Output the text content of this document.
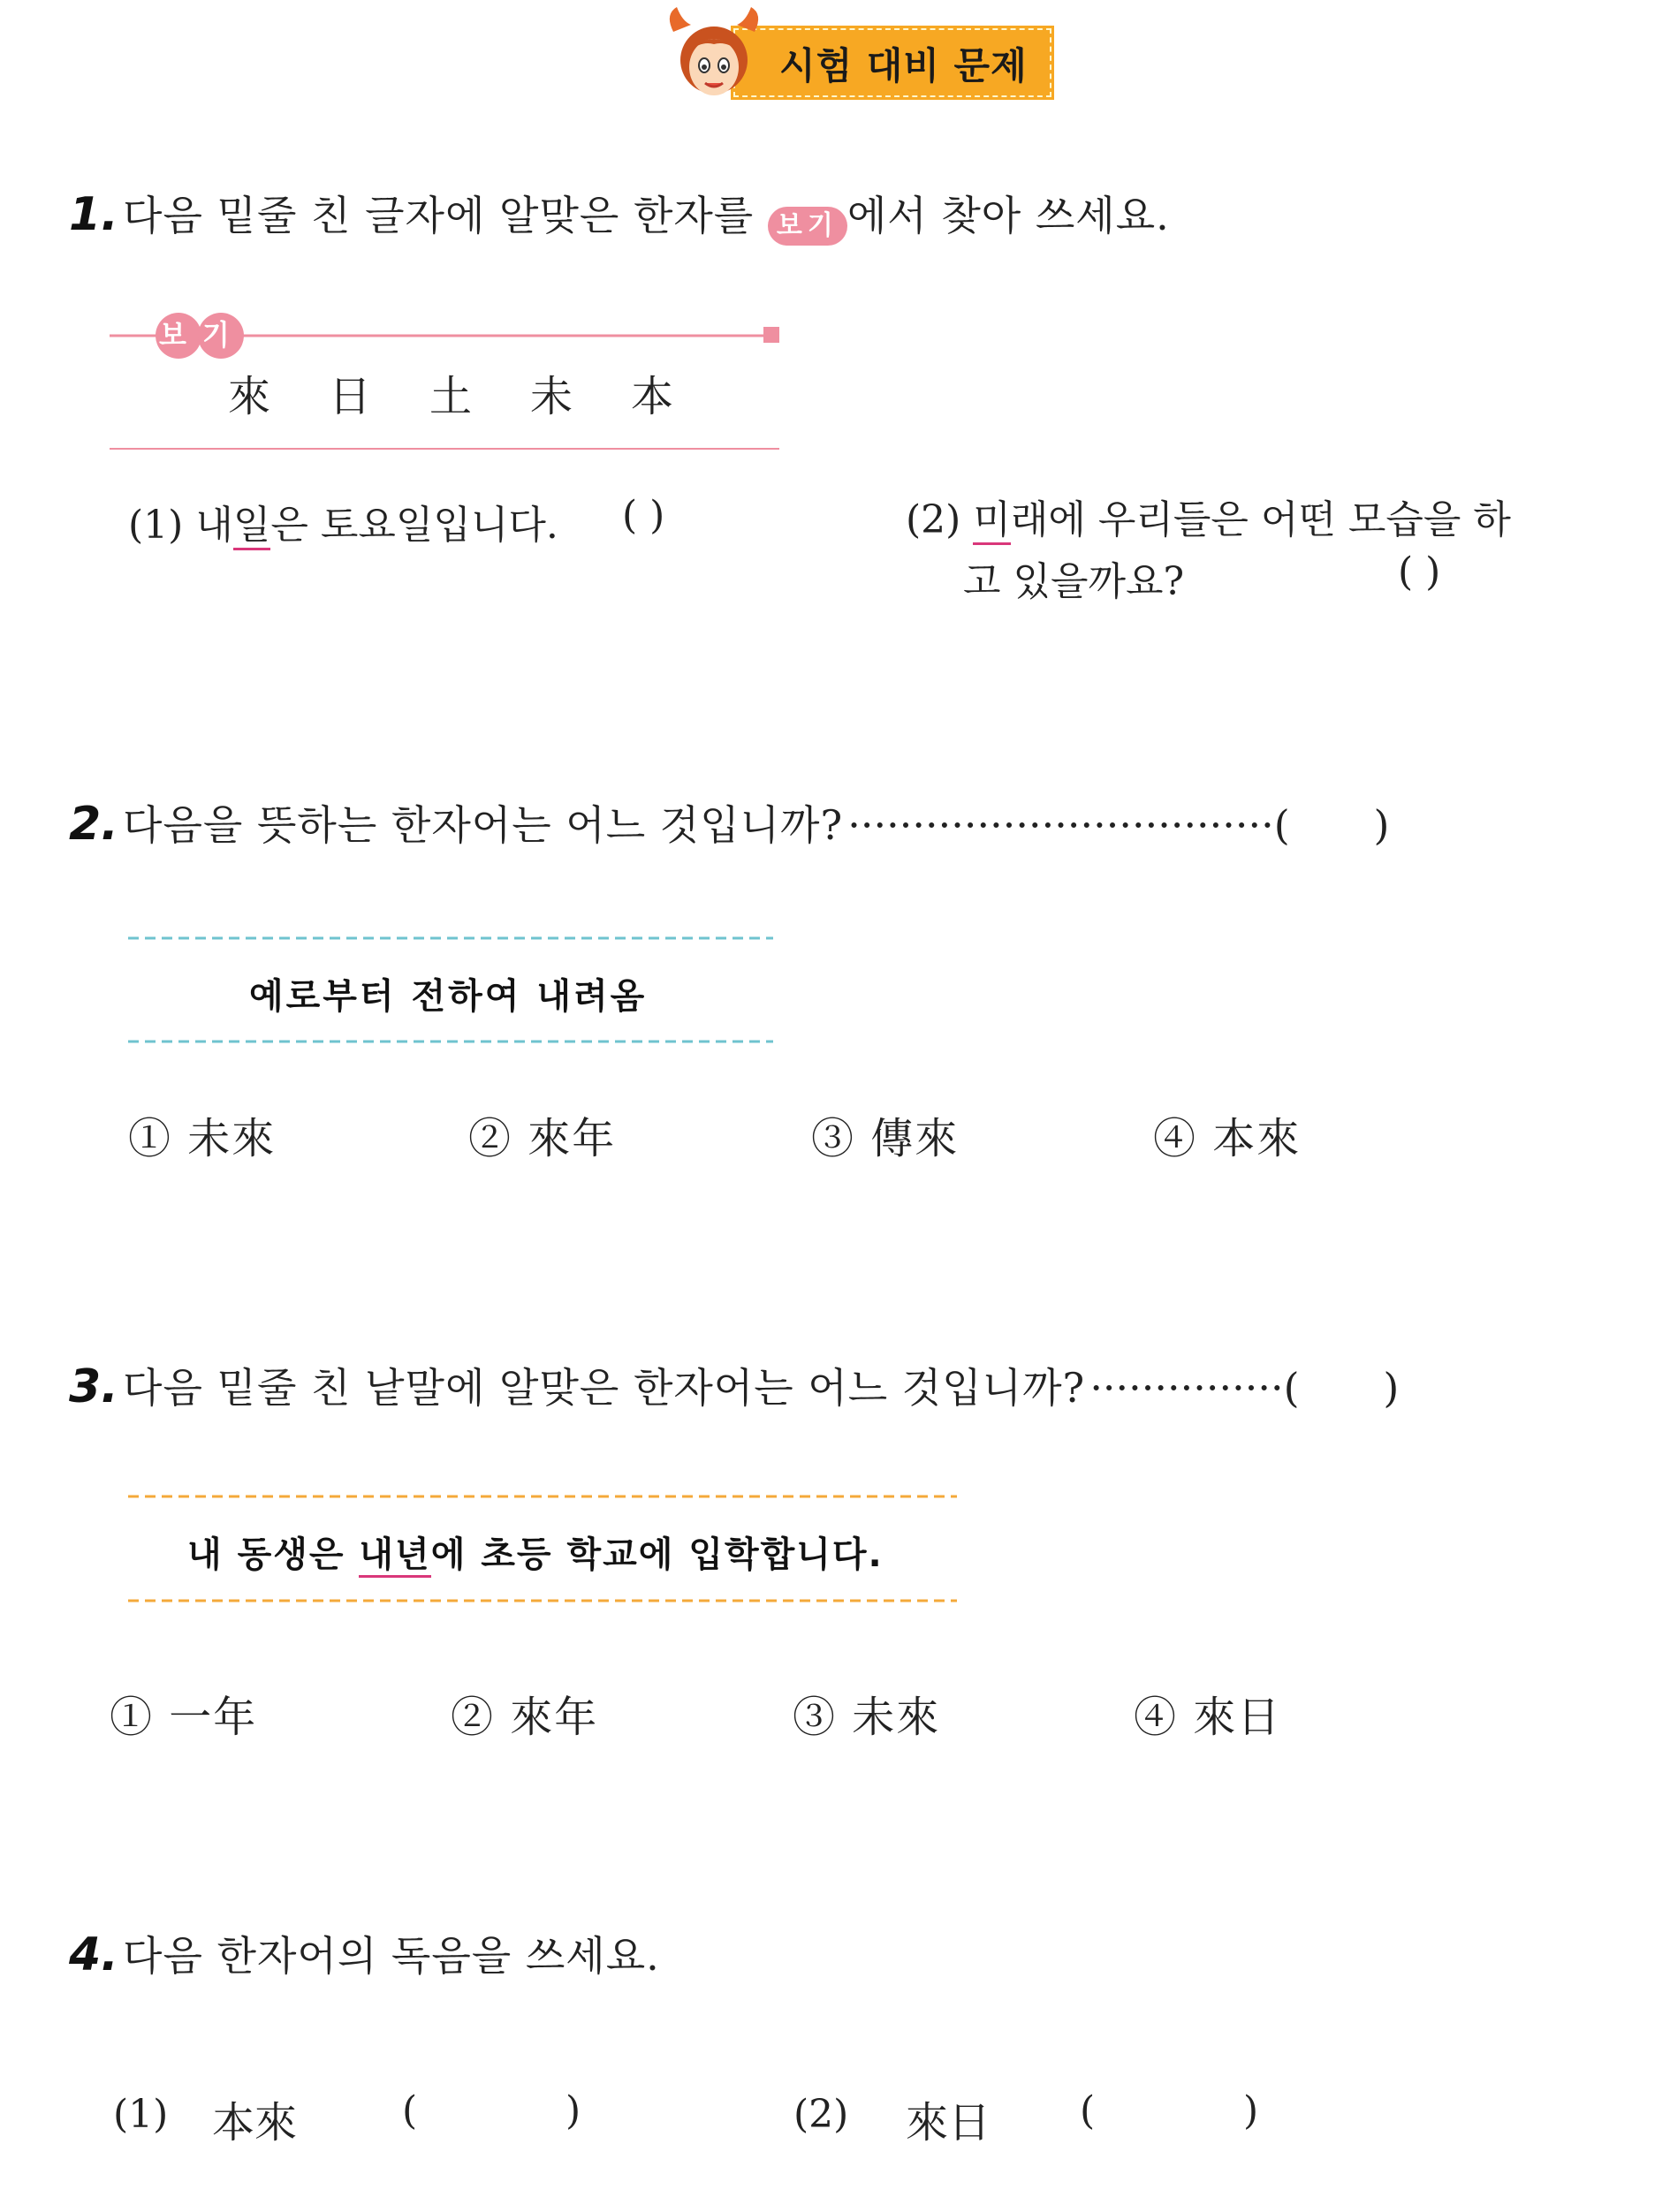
시험 대비 문제
1. 다음 밑줄 친 글자에 알맞은 한자를 보기 에서 찾아 쓰세요.
보기
來 日 土 未 本
(1) 내일은 토요일입니다. ( )	(2) 미래에 우리들은 어떤 모습을 하
고 있을까요?	( )
2. 다음을 뜻하는 한자어는 어느 것입니까? ·································(      )
예로부터 전하여 내려옴
① 未來	② 來年	③ 傳來	④ 本來
3. 다음 밑줄 친 낱말에 알맞은 한자어는 어느 것입니까? ···············(      )
내 동생은 내년에 초등 학교에 입학합니다.
① 一年	② 來年	③ 未來	④ 來日
4. 다음 한자어의 독음을 쓰세요.
(1) 本來	(            )	(2) 來日 (            )
